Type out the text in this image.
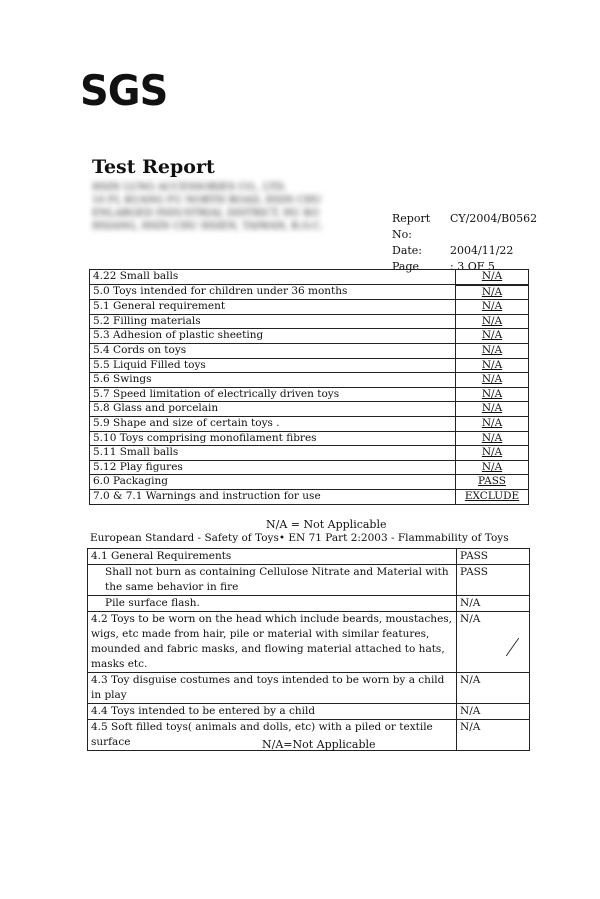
SGS
Test Report
HSIN LUNG ACCESSORIES CO., LTD.
10 FL KUANG FU NORTH ROAD, HSIN CHU
ENLARGED INDUSTRIAL DISTRICT, HU KO
HSIANG, HSIN CHU HSIEN, TAIWAN, R.O.C.
Report No:
CY/2004/B0562
Date:	2004/11/22
Page	: 3 OF 5
4.22 Small balls	N/A
5.0 Toys intended for children under 36 months	N/A
5.1 General requirement	N/A
5.2 Filling materials	N/A
5.3 Adhesion of plastic sheeting	N/A
5.4 Cords on toys	N/A
5.5 Liquid Filled toys	N/A
5.6 Swings	N/A
5.7 Speed limitation of electrically driven toys	N/A
5.8 Glass and porcelain	N/A
5.9 Shape and size of certain toys .	N/A
5.10 Toys comprising monofilament fibres	N/A
5.11 Small balls	N/A
5.12 Play figures	N/A
6.0 Packaging	PASS
7.0 & 7.1 Warnings and instruction for use	EXCLUDE
N/A = Not Applicable
European Standard - Safety of Toys• EN 71 Part 2:2003 - Flammability of Toys
4.1 General Requirements	PASS
Shall not burn as containing Cellulose Nitrate and Material with the same behavior in fire	PASS
Pile surface flash.	N/A
4.2 Toys to be worn on the head which include beards, moustaches, wigs, etc made from hair, pile or material with similar features, mounded and fabric masks, and flowing material attached to hats, masks etc.	N/A
4.3 Toy disguise costumes and toys intended to be worn by a child in play	N/A
4.4 Toys intended to be entered by a child	N/A
4.5 Soft filled toys( animals and dolls, etc) with a piled or textile surface	N/A
N/A=Not Applicable
